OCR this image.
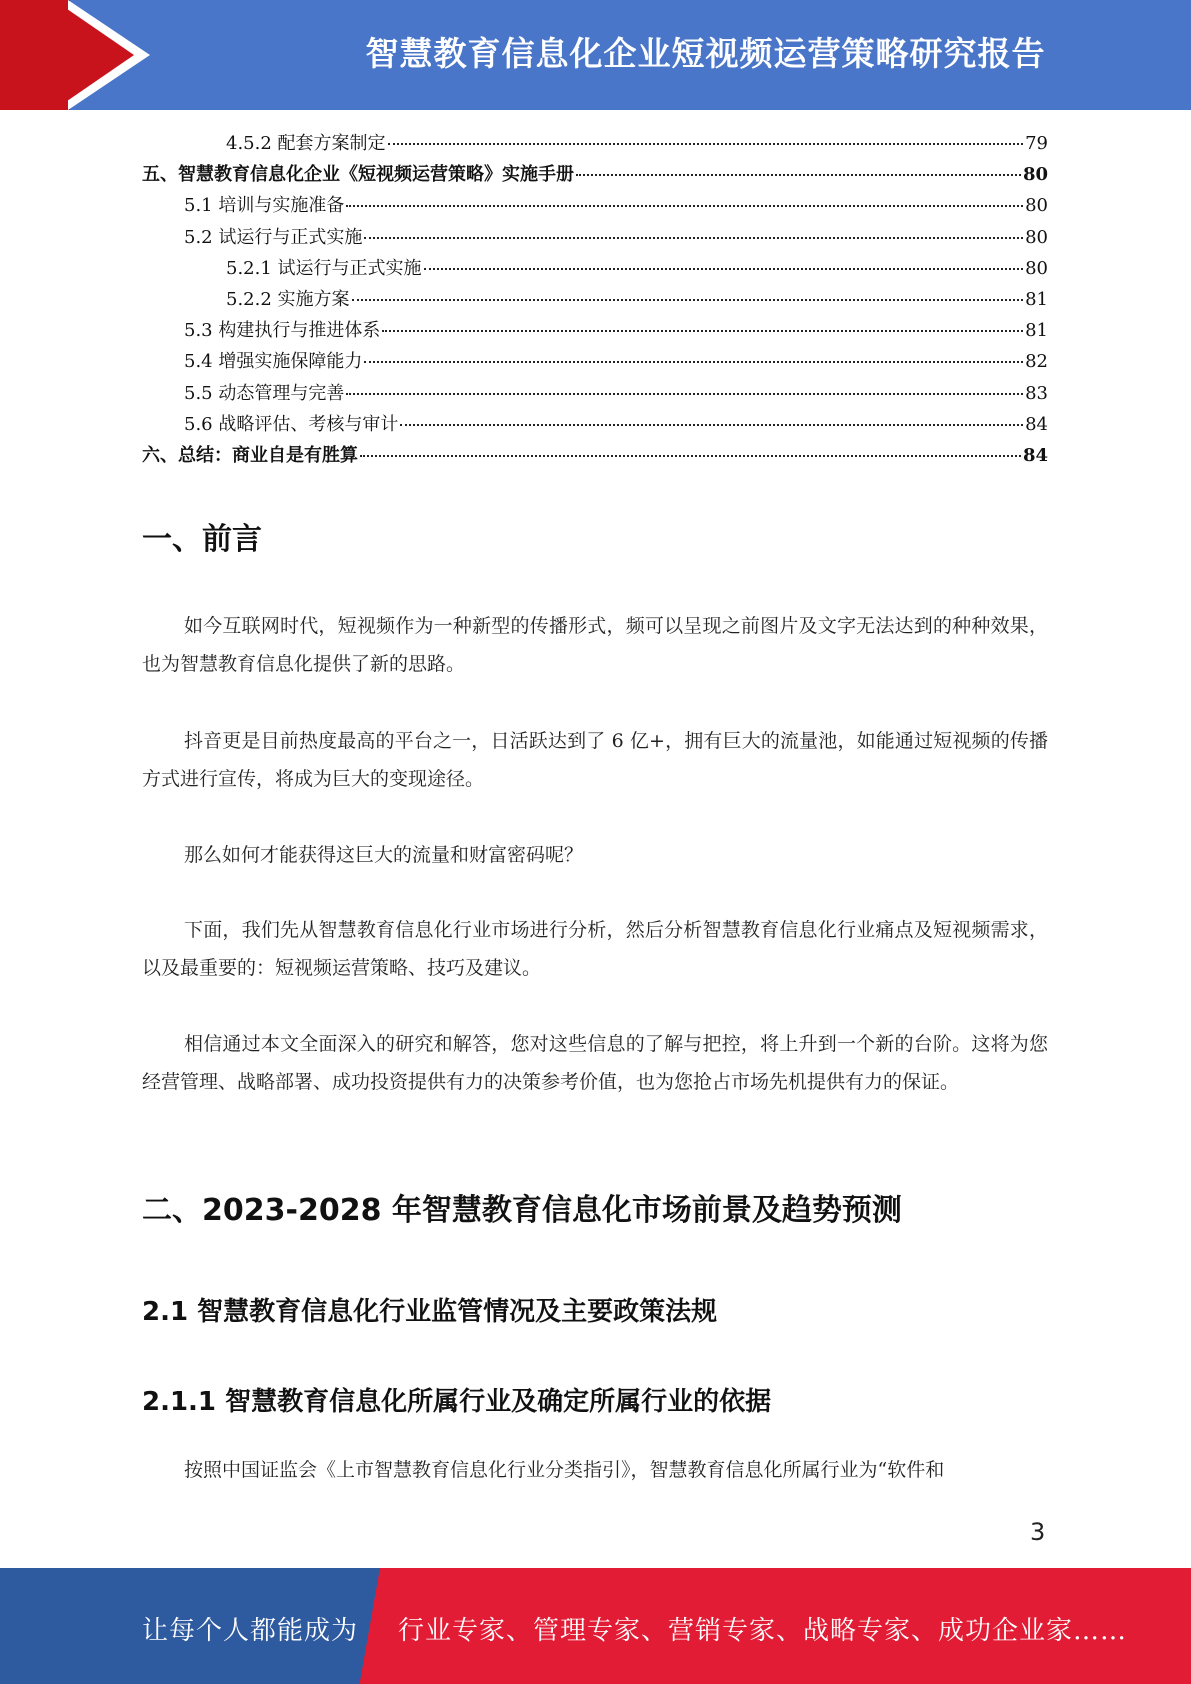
智慧教育信息化企业短视频运营策略研究报告
4.5.2 配套方案制定	79
五、智慧教育信息化企业《短视频运营策略》实施手册	80
5.1 培训与实施准备	80
5.2 试运行与正式实施	80
5.2.1 试运行与正式实施	80
5.2.2 实施方案	81
5.3 构建执行与推进体系	81
5.4 增强实施保障能力	82
5.5 动态管理与完善	83
5.6 战略评估、考核与审计	84
六、总结：商业自是有胜算	84
一、前言
如今互联网时代，短视频作为一种新型的传播形式，频可以呈现之前图片及文字无法达到的种种效果，也为智慧教育信息化提供了新的思路。
抖音更是目前热度最高的平台之一，日活跃达到了 6 亿+，拥有巨大的流量池，如能通过短视频的传播方式进行宣传，将成为巨大的变现途径。
那么如何才能获得这巨大的流量和财富密码呢？
下面，我们先从智慧教育信息化行业市场进行分析，然后分析智慧教育信息化行业痛点及短视频需求，以及最重要的：短视频运营策略、技巧及建议。
相信通过本文全面深入的研究和解答，您对这些信息的了解与把控，将上升到一个新的台阶。这将为您经营管理、战略部署、成功投资提供有力的决策参考价值，也为您抢占市场先机提供有力的保证。
二、2023-2028 年智慧教育信息化市场前景及趋势预测
2.1 智慧教育信息化行业监管情况及主要政策法规
2.1.1 智慧教育信息化所属行业及确定所属行业的依据
按照中国证监会《上市智慧教育信息化行业分类指引》，智慧教育信息化所属行业为“软件和
3
让每个人都能成为 行业专家、管理专家、营销专家、战略专家、成功企业家……
